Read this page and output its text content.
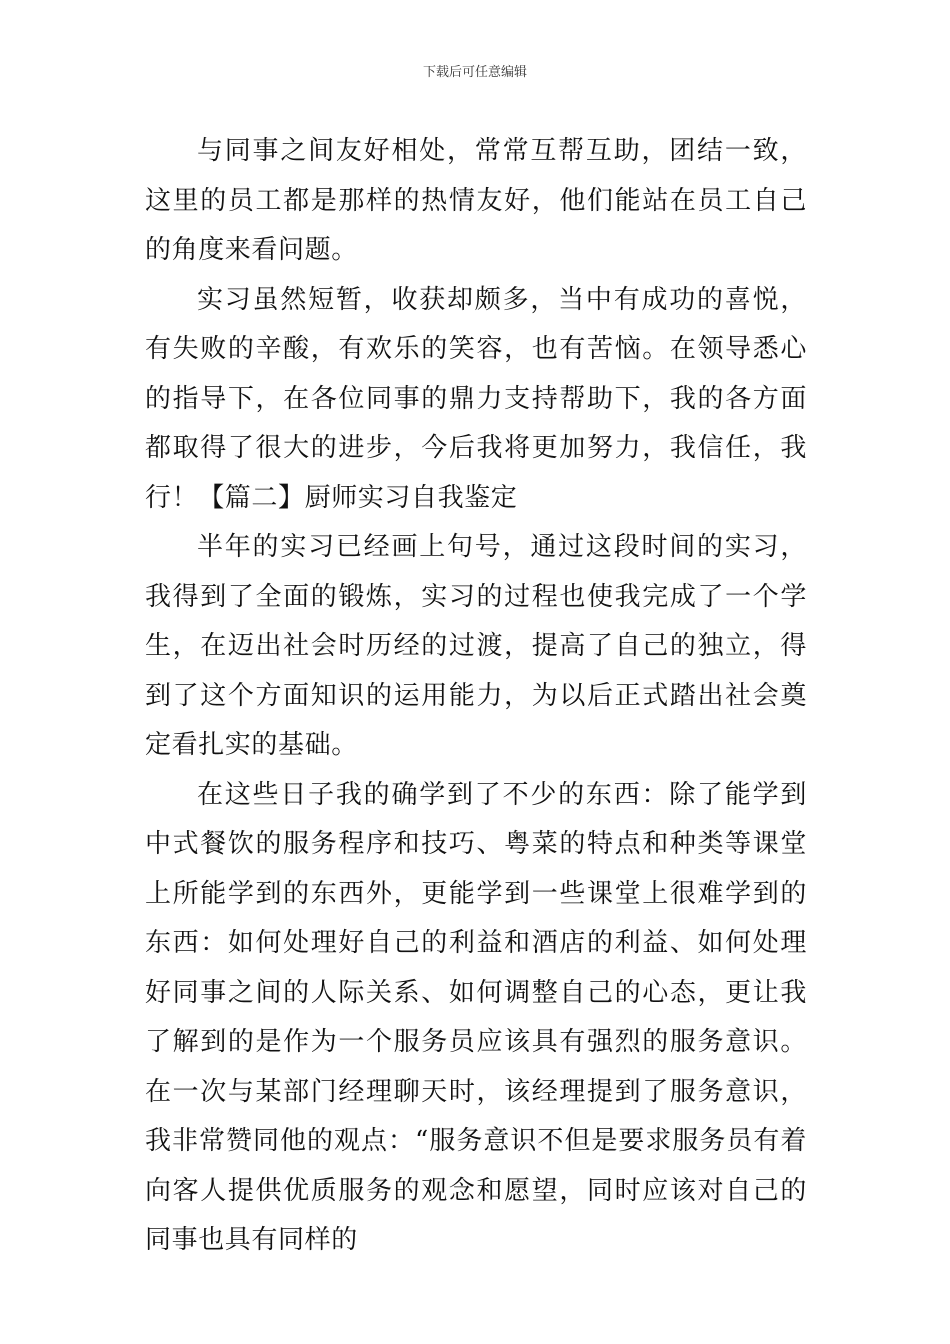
下载后可任意编辑

与同事之间友好相处，常常互帮互助，团结一致，这里的员工都是那样的热情友好，他们能站在员工自己的角度来看问题。

实习虽然短暂，收获却颇多，当中有成功的喜悦，有失败的辛酸，有欢乐的笑容，也有苦恼。在领导悉心的指导下，在各位同事的鼎力支持帮助下，我的各方面都取得了很大的进步，今后我将更加努力，我信任，我行！【篇二】厨师实习自我鉴定

半年的实习已经画上句号，通过这段时间的实习，我得到了全面的锻炼，实习的过程也使我完成了一个学生，在迈出社会时历经的过渡，提高了自己的独立，得到了这个方面知识的运用能力，为以后正式踏出社会奠定看扎实的基础。

在这些日子我的确学到了不少的东西：除了能学到中式餐饮的服务程序和技巧、粤菜的特点和种类等课堂上所能学到的东西外，更能学到一些课堂上很难学到的东西：如何处理好自己的利益和酒店的利益、如何处理好同事之间的人际关系、如何调整自己的心态，更让我了解到的是作为一个服务员应该具有强烈的服务意识。在一次与某部门经理聊天时，该经理提到了服务意识，我非常赞同他的观点：“服务意识不但是要求服务员有着向客人提供优质服务的观念和愿望，同时应该对自己的同事也具有同样的
